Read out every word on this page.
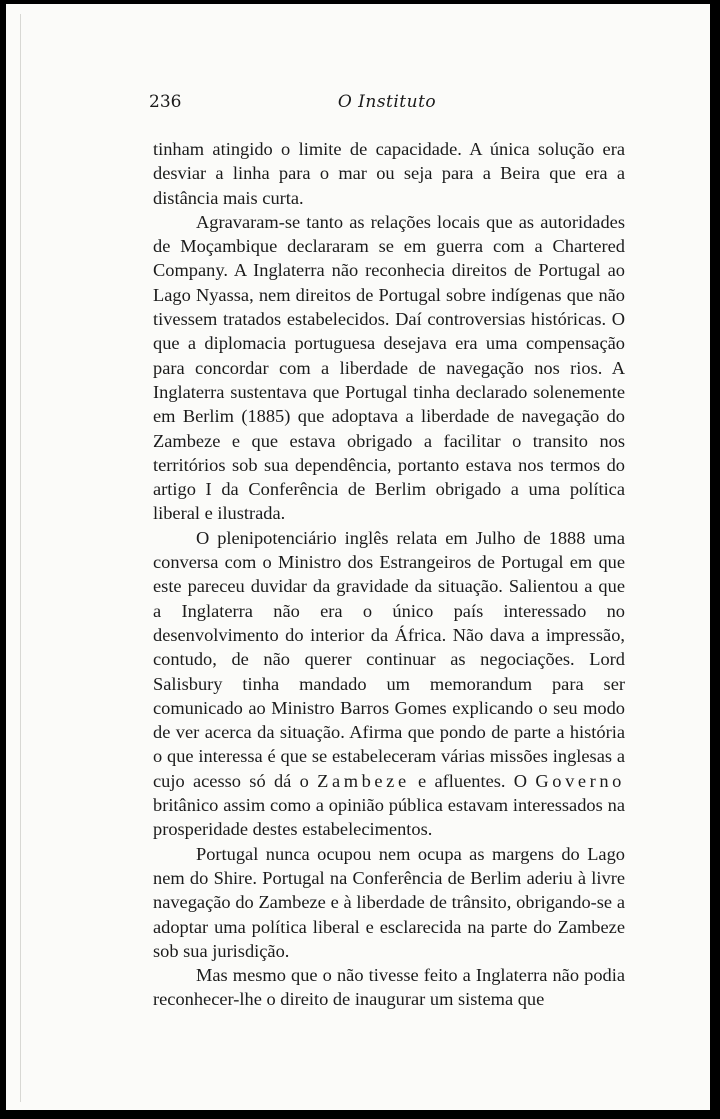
236	O Instituto

tinham atingido o limite de capacidade. A única solução era desviar a linha para o mar ou seja para a Beira que era a distância mais curta.

Agravaram-se tanto as relações locais que as autoridades de Moçambique declararam se em guerra com a Chartered Company. A Inglaterra não reconhecia direitos de Portugal ao Lago Nyassa, nem direitos de Portugal sobre indígenas que não tivessem tratados estabelecidos. Daí controversias históricas. O que a diplomacia portuguesa desejava era uma compensação para concordar com a liberdade de navegação nos rios. A Inglaterra sustentava que Portugal tinha declarado solenemente em Berlim (1885) que adoptava a liberdade de navegação do Zambeze e que estava obrigado a facilitar o transito nos territórios sob sua dependência, portanto estava nos termos do artigo I da Conferência de Berlim obrigado a uma política liberal e ilustrada.

O plenipotenciário inglês relata em Julho de 1888 uma conversa com o Ministro dos Estrangeiros de Portugal em que este pareceu duvidar da gravidade da situação. Salientou a que a Inglaterra não era o único país interessado no desenvolvimento do interior da África. Não dava a impressão, contudo, de não querer continuar as negociações. Lord Salisbury tinha mandado um memorandum para ser comunicado ao Ministro Barros Gomes explicando o seu modo de ver acerca da situação. Afirma que pondo de parte a história o que interessa é que se estabeleceram várias missões inglesas a cujo acesso só dá o Zambeze e afluentes. O Governo britânico assim como a opinião pública estavam interessados na prosperidade destes estabelecimentos.

Portugal nunca ocupou nem ocupa as margens do Lago nem do Shire. Portugal na Conferência de Berlim aderiu à livre navegação do Zambeze e à liberdade de trânsito, obrigando-se a adoptar uma política liberal e esclarecida na parte do Zambeze sob sua jurisdição.

Mas mesmo que o não tivesse feito a Inglaterra não podia reconhecer-lhe o direito de inaugurar um sistema que
